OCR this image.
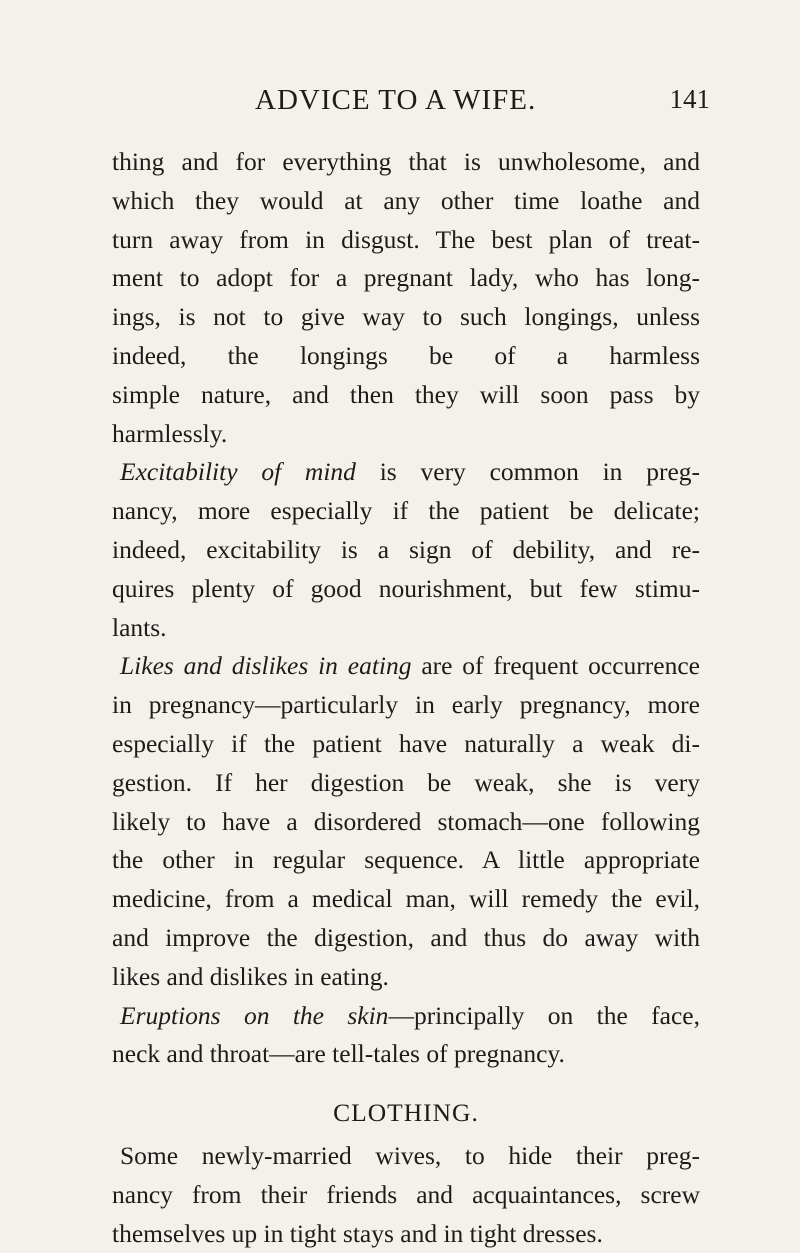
ADVICE TO A WIFE.	141
thing and for everything that is unwholesome, and
which they would at any other time loathe and
turn away from in disgust. The best plan of treat-
ment to adopt for a pregnant lady, who has long-
ings, is not to give way to such longings, unless
indeed, the longings be of a harmless
simple nature, and then they will soon pass by
harmlessly.
Excitability of mind is very common in preg-
nancy, more especially if the patient be delicate;
indeed, excitability is a sign of debility, and re-
quires plenty of good nourishment, but few stimu-
lants.
Likes and dislikes in eating are of frequent occurrence
in pregnancy—particularly in early pregnancy, more
especially if the patient have naturally a weak di-
gestion. If her digestion be weak, she is very
likely to have a disordered stomach—one following
the other in regular sequence. A little appropriate
medicine, from a medical man, will remedy the evil,
and improve the digestion, and thus do away with
likes and dislikes in eating.
Eruptions on the skin—principally on the face,
neck and throat—are tell-tales of pregnancy.
CLOTHING.
Some newly-married wives, to hide their preg-
nancy from their friends and acquaintances, screw
themselves up in tight stays and in tight dresses.
